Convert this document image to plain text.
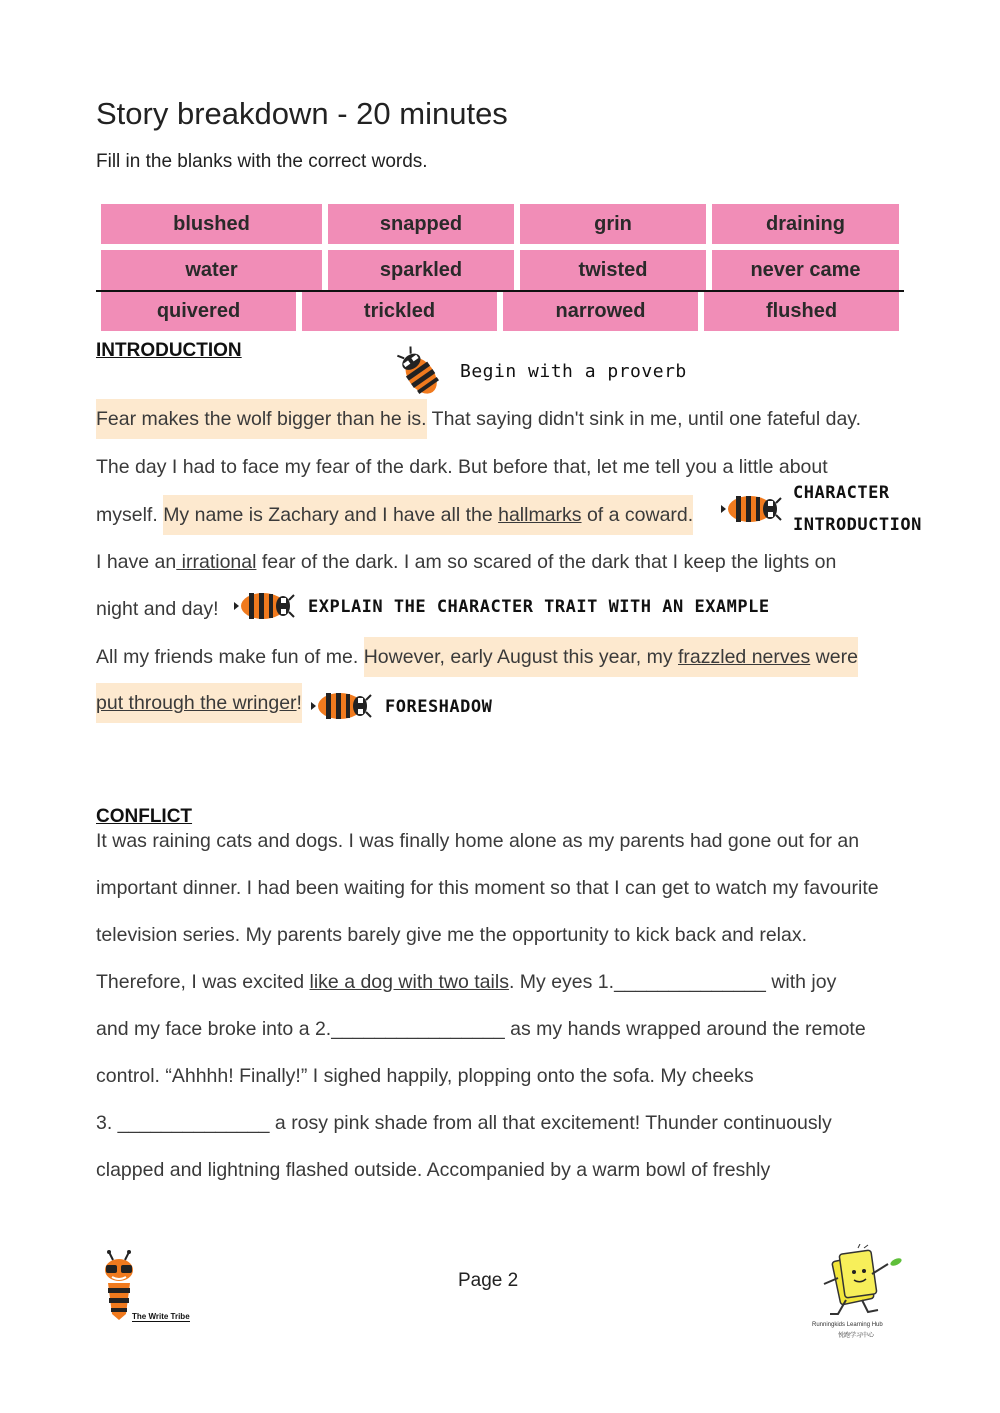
Story breakdown - 20 minutes
Fill in the blanks with the correct words.
blushed	snapped	grin	draining
water	sparkled	twisted	never came
quivered	trickled	narrowed	flushed
INTRODUCTION
Begin with a proverb
Fear makes the wolf bigger than he is. That saying didn't sink in me, until one fateful day.
The day I had to face my fear of the dark. But before that, let me tell you a little about
myself. My name is Zachary and I have all the hallmarks of a coward.
CHARACTER
INTRODUCTION
I have an irrational fear of the dark. I am so scared of the dark that I keep the lights on
night and day!	EXPLAIN THE CHARACTER TRAIT WITH AN EXAMPLE
All my friends make fun of me. However, early August this year, my frazzled nerves were
put through the wringer!	FORESHADOW
CONFLICT
It was raining cats and dogs. I was finally home alone as my parents had gone out for an
important dinner. I had been waiting for this moment so that I can get to watch my favourite
television series. My parents barely give me the opportunity to kick back and relax.
Therefore, I was excited like a dog with two tails. My eyes 1.______________ with joy
and my face broke into a 2.________________ as my hands wrapped around the remote
control. “Ahhhh! Finally!” I sighed happily, plopping onto the sofa. My cheeks
3. ______________ a rosy pink shade from all that excitement! Thunder continuously
clapped and lightning flashed outside. Accompanied by a warm bowl of freshly
The Write Tribe
Page 2
Runningkids Learning Hub
悦跑学习中心
